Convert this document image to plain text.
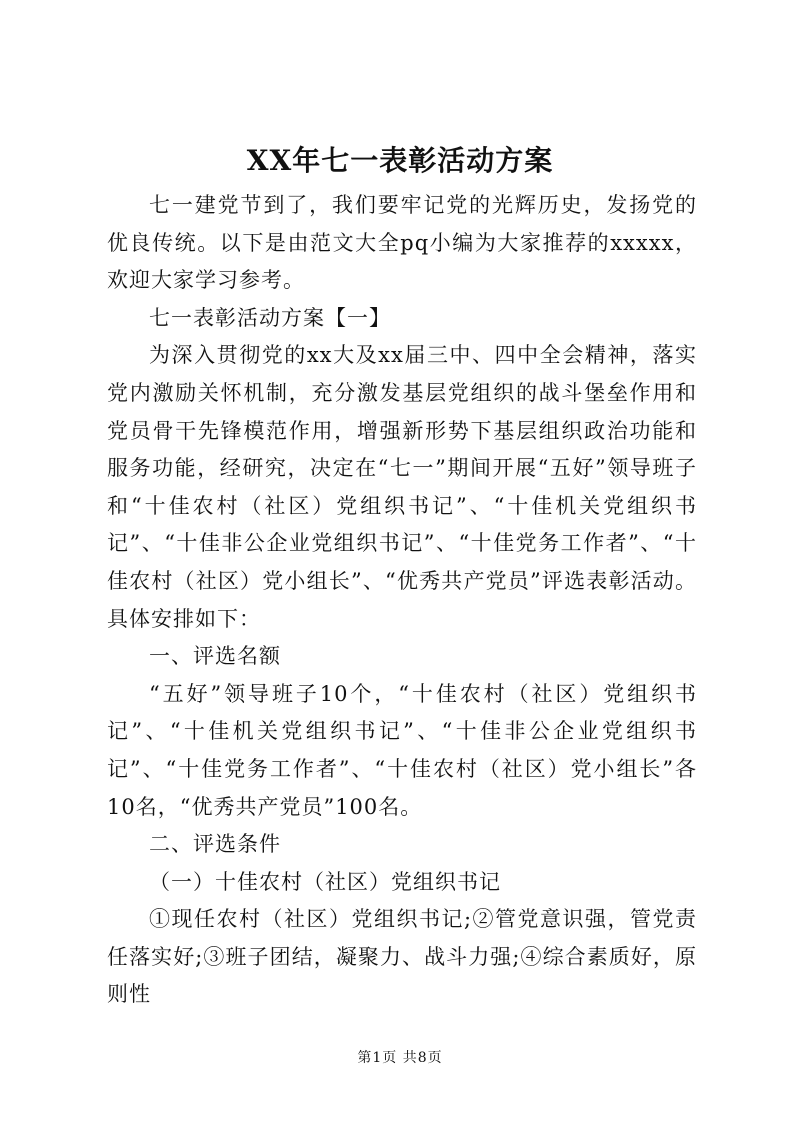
XX年七一表彰活动方案

七一建党节到了，我们要牢记党的光辉历史，发扬党的优良传统。以下是由范文大全pq小编为大家推荐的xxxxx，欢迎大家学习参考。

七一表彰活动方案【一】

为深入贯彻党的xx大及xx届三中、四中全会精神，落实党内激励关怀机制，充分激发基层党组织的战斗堡垒作用和党员骨干先锋模范作用，增强新形势下基层组织政治功能和服务功能，经研究，决定在“七一”期间开展“五好”领导班子和“十佳农村（社区）党组织书记”、“十佳机关党组织书记”、“十佳非公企业党组织书记”、“十佳党务工作者”、“十佳农村（社区）党小组长”、“优秀共产党员”评选表彰活动。具体安排如下：

一、评选名额

“五好”领导班子10个，“十佳农村（社区）党组织书记”、“十佳机关党组织书记”、“十佳非公企业党组织书记”、“十佳党务工作者”、“十佳农村（社区）党小组长”各10名，“优秀共产党员”100名。

二、评选条件

（一）十佳农村（社区）党组织书记

①现任农村（社区）党组织书记;②管党意识强，管党责任落实好;③班子团结，凝聚力、战斗力强;④综合素质好，原则性

第1页 共8页
